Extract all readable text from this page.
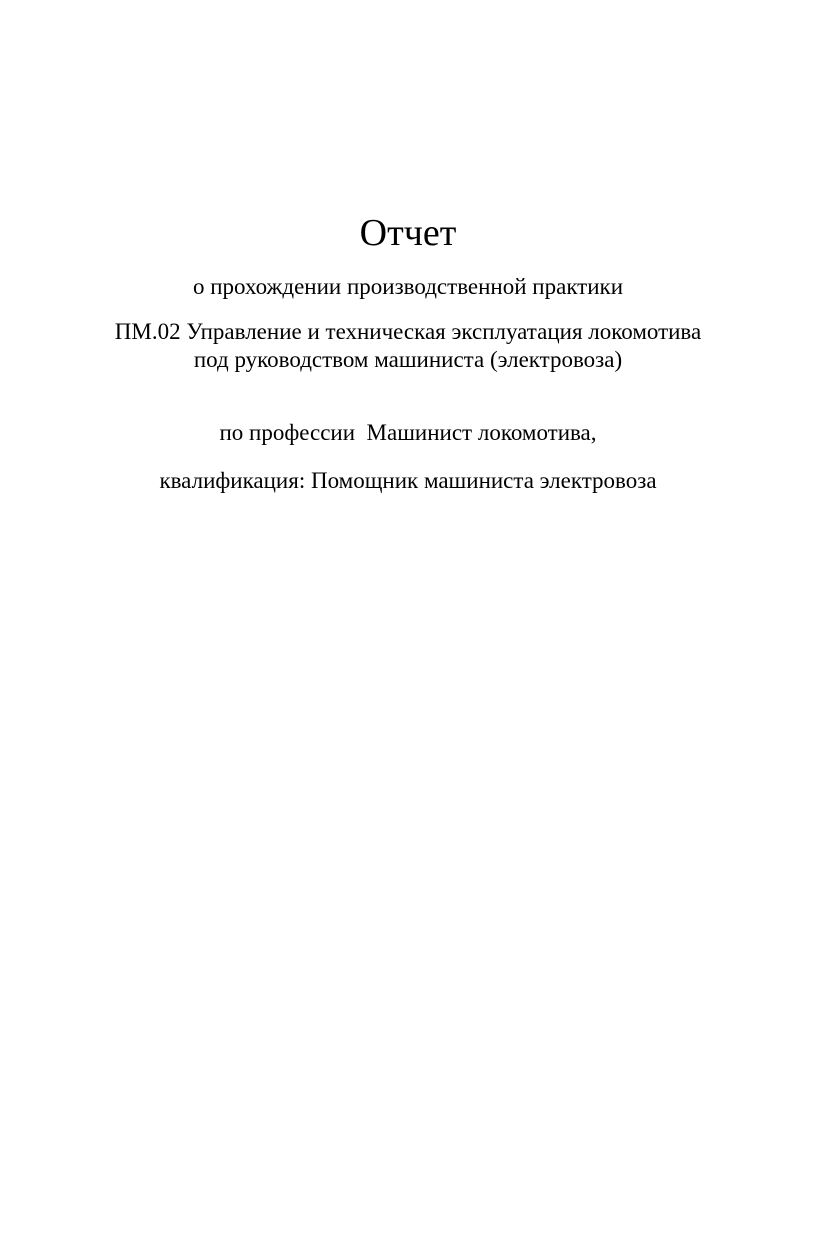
Отчет
о прохождении производственной практики
ПМ.02 Управление и техническая эксплуатация локомотива
под руководством машиниста (электровоза)
по профессии  Машинист локомотива,
квалификация: Помощник машиниста электровоза
